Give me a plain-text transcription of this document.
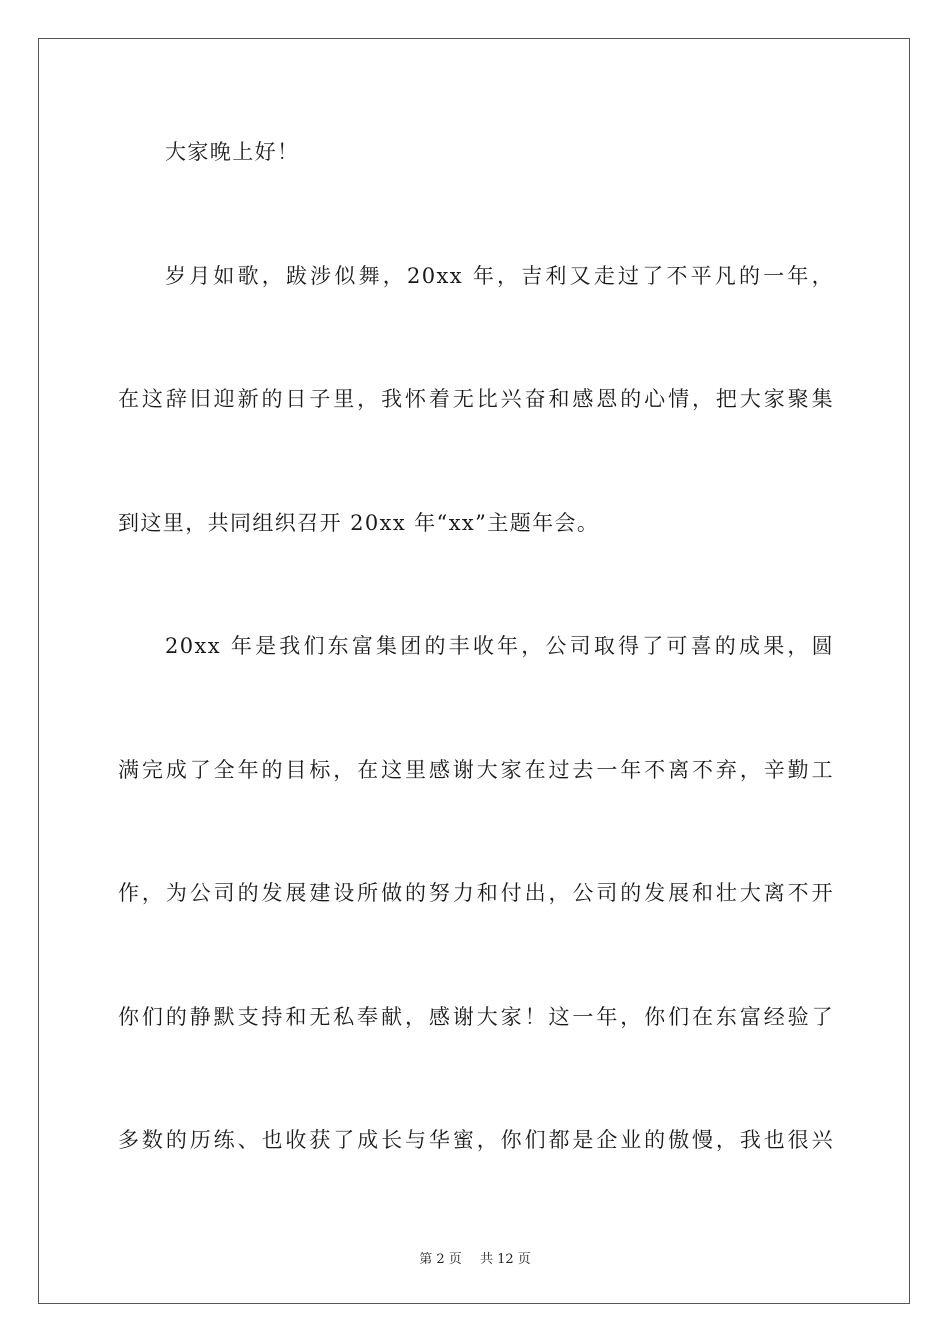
大家晚上好！
岁月如歌，跋涉似舞，20xx 年，吉利又走过了不平凡的一年，
在这辞旧迎新的日子里，我怀着无比兴奋和感恩的心情，把大家聚集
到这里，共同组织召开 20xx 年“xx”主题年会。
20xx 年是我们东富集团的丰收年，公司取得了可喜的成果，圆
满完成了全年的目标，在这里感谢大家在过去一年不离不弃，辛勤工
作，为公司的发展建设所做的努力和付出，公司的发展和壮大离不开
你们的静默支持和无私奉献，感谢大家！这一年，你们在东富经验了
多数的历练、也收获了成长与华蜜，你们都是企业的傲慢，我也很兴
第 2 页 共 12 页
